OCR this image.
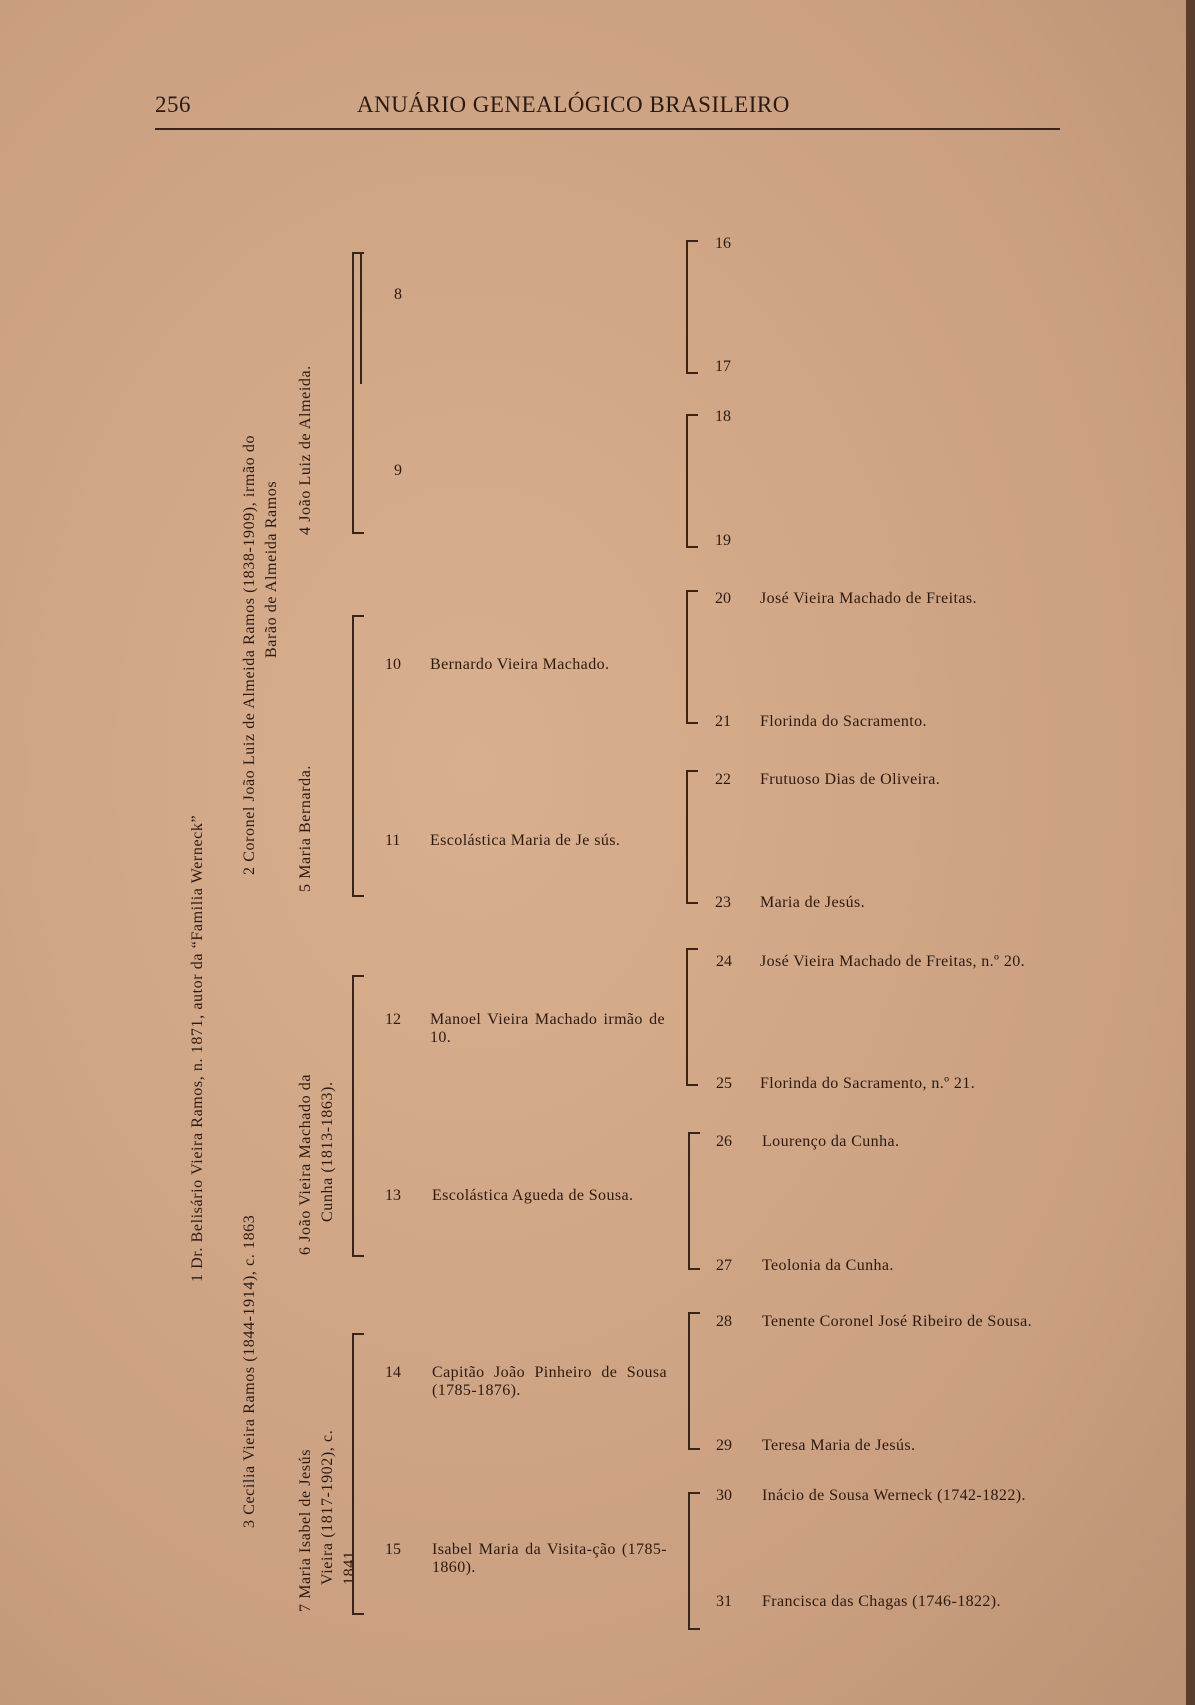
256	ANUÁRIO GENEALÓGICO BRASILEIRO
1 Dr. Belisário Vieira Ramos, n. 1871, autor da “Familia Werneck”
2 Coronel João Luiz de Almeida Ramos (1838-1909), irmão do Barão de Almeida Ramos
3 Cecilia Vieira Ramos (1844-1914), c. 1863
4 João Luiz de Almeida.
5 Maria Bernarda.
6 João Vieira Machado da Cunha (1813-1863).
7 Maria Isabel de Jesús Vieira (1817-1902), c. 1841.
8
9
10 Bernardo Vieira Machado.
11 Escolástica Maria de Je sús.
12 Manoel Vieira Machado irmão de 10.
13 Escolástica Agueda de Sousa.
14 Capitão João Pinheiro de Sousa (1785-1876).
15 Isabel Maria da Visita-ção (1785-1860).
16
17
18
19
20 José Vieira Machado de Freitas.
21 Florinda do Sacramento.
22 Frutuoso Dias de Oliveira.
23 Maria de Jesús.
24 José Vieira Machado de Freitas, n.º 20.
25 Florinda do Sacramento, n.º 21.
26 Lourenço da Cunha.
27 Teolonia da Cunha.
28 Tenente Coronel José Ribeiro de Sousa.
29 Teresa Maria de Jesús.
30 Inácio de Sousa Werneck (1742-1822).
31 Francisca das Chagas (1746-1822).
